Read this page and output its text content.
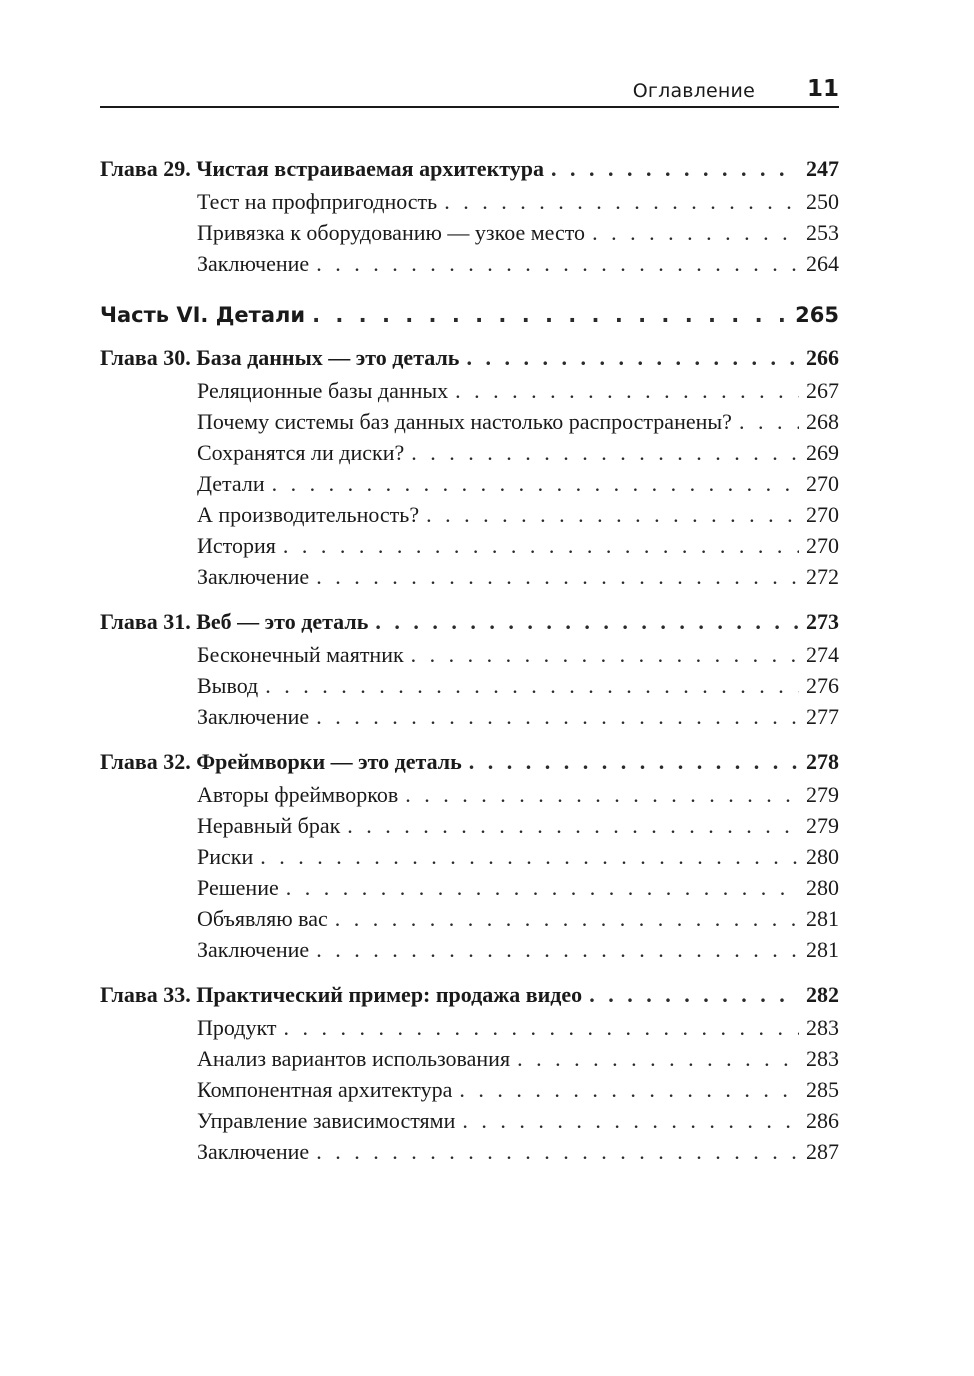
Оглавление 11
Глава 29. Чистая встраиваемая архитектура . . .	247
Тест на профпригодность . . .	250
Привязка к оборудованию — узкое место . . .	253
Заключение . . .	264
Часть VI. Детали . . .	265
Глава 30. База данных — это деталь . . .	266
Реляционные базы данных . . .	267
Почему системы баз данных настолько распространены? . . .	268
Сохранятся ли диски? . . .	269
Детали . . .	270
А производительность? . . .	270
История . . .	270
Заключение . . .	272
Глава 31. Веб — это деталь . . .	273
Бесконечный маятник . . .	274
Вывод . . .	276
Заключение . . .	277
Глава 32. Фреймворки — это деталь . . .	278
Авторы фреймворков . . .	279
Неравный брак . . .	279
Риски . . .	280
Решение . . .	280
Объявляю вас . . .	281
Заключение . . .	281
Глава 33. Практический пример: продажа видео . . .	282
Продукт . . .	283
Анализ вариантов использования . . .	283
Компонентная архитектура . . .	285
Управление зависимостями . . .	286
Заключение . . .	287
